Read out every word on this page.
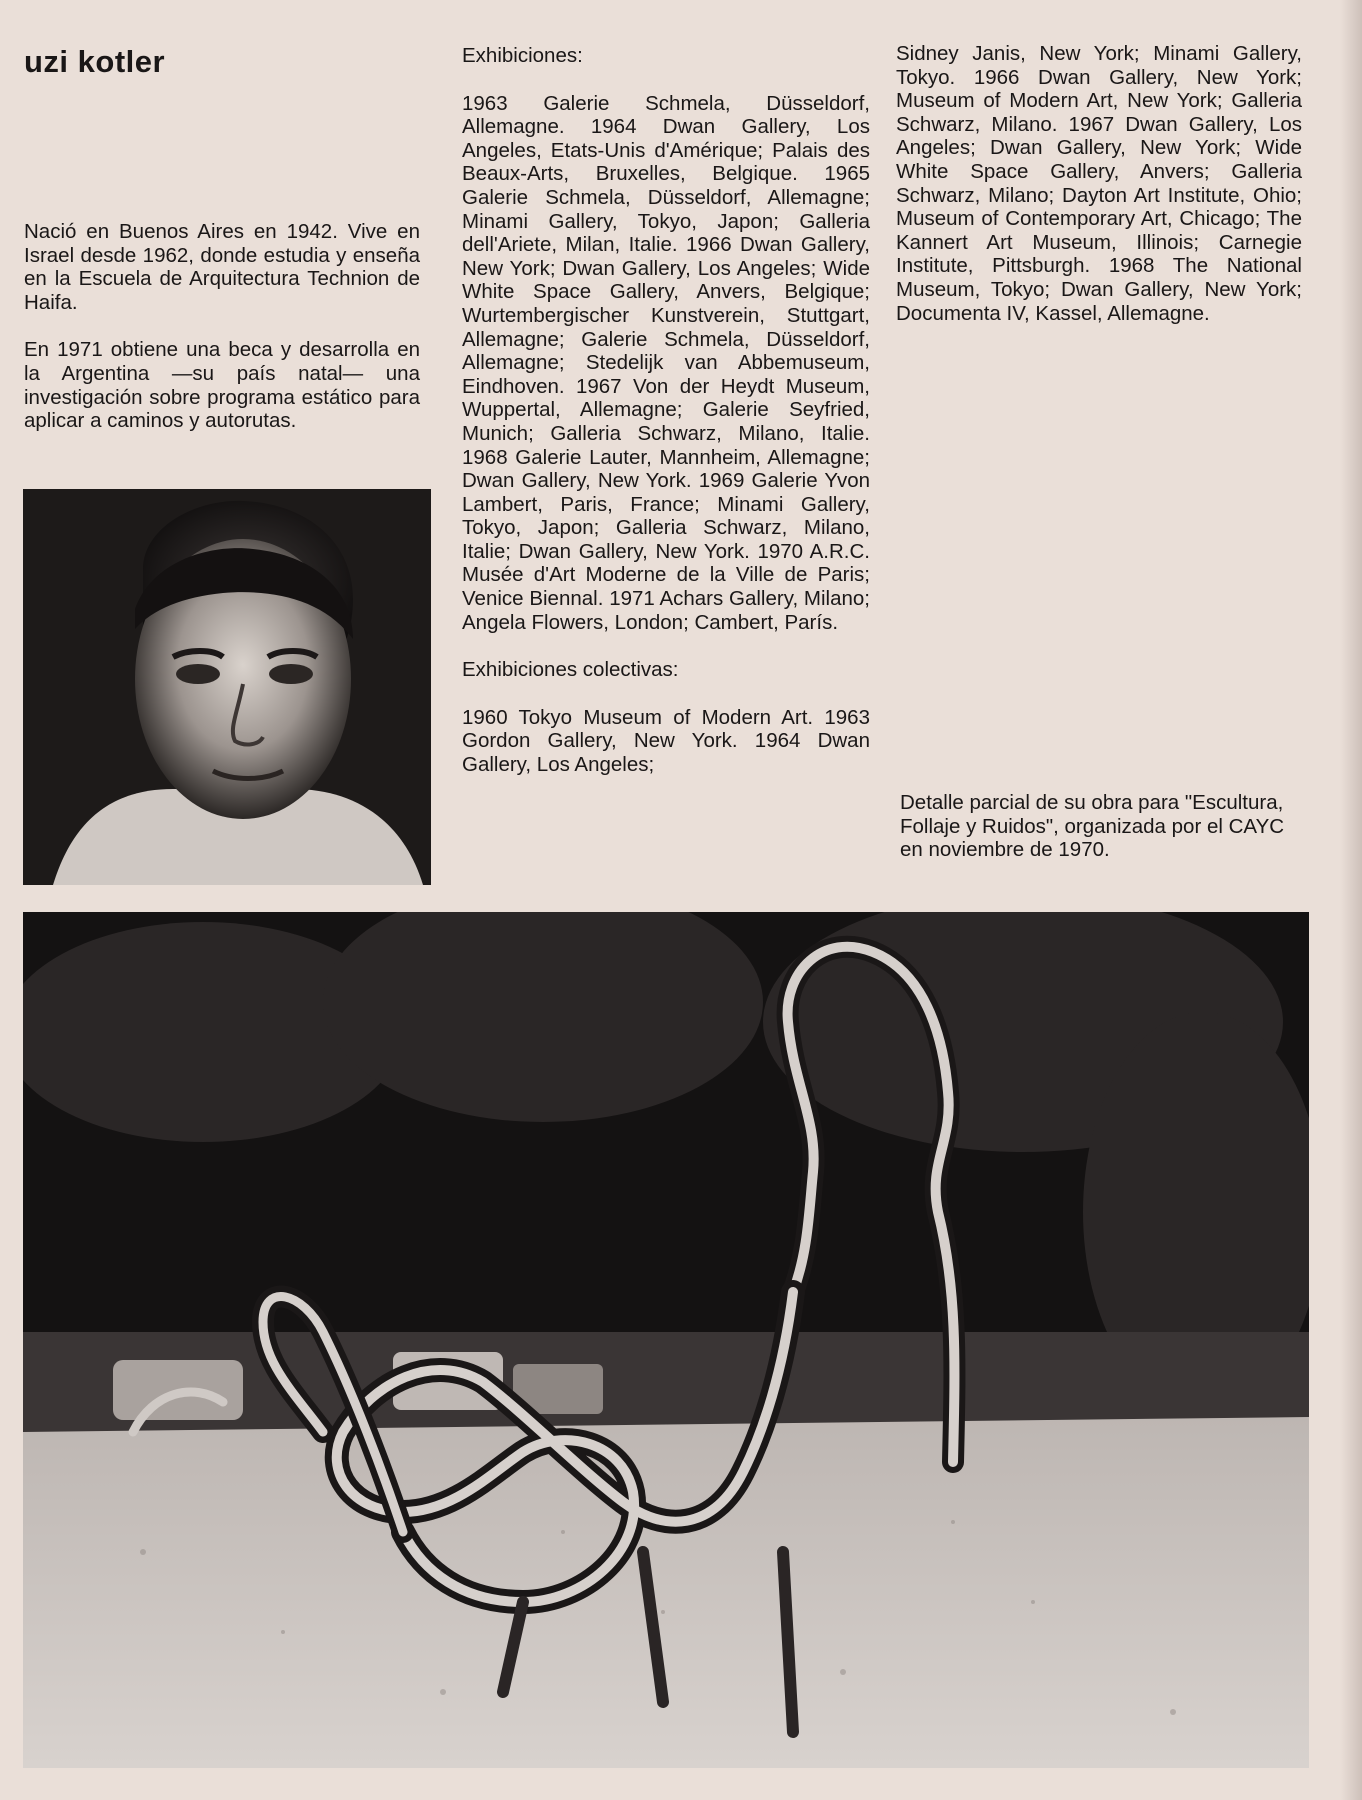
uzi kotler

Nació en Buenos Aires en 1942. Vive en Israel desde 1962, donde estudia y enseña en la Escuela de Arquitectura Technion de Haifa.

En 1971 obtiene una beca y desarrolla en la Argentina —su país natal— una investigación sobre programa estático para aplicar a caminos y autorutas.

Exhibiciones:

1963 Galerie Schmela, Düsseldorf, Allemagne. 1964 Dwan Gallery, Los Angeles, Etats-Unis d'Amérique; Palais des Beaux-Arts, Bruxelles, Belgique. 1965 Galerie Schmela, Düsseldorf, Allemagne; Minami Gallery, Tokyo, Japon; Galleria dell'Ariete, Milan, Italie. 1966 Dwan Gallery, New York; Dwan Gallery, Los Angeles; Wide White Space Gallery, Anvers, Belgique; Wurtembergischer Kunstverein, Stuttgart, Allemagne; Galerie Schmela, Düsseldorf, Allemagne; Stedelijk van Abbemuseum, Eindhoven. 1967 Von der Heydt Museum, Wuppertal, Allemagne; Galerie Seyfried, Munich; Galleria Schwarz, Milano, Italie. 1968 Galerie Lauter, Mannheim, Allemagne; Dwan Gallery, New York. 1969 Galerie Yvon Lambert, Paris, France; Minami Gallery, Tokyo, Japon; Galleria Schwarz, Milano, Italie; Dwan Gallery, New York. 1970 A.R.C. Musée d'Art Moderne de la Ville de Paris; Venice Biennal. 1971 Achars Gallery, Milano; Angela Flowers, London; Cambert, París.

Exhibiciones colectivas:

1960 Tokyo Museum of Modern Art. 1963 Gordon Gallery, New York. 1964 Dwan Gallery, Los Angeles;

Sidney Janis, New York; Minami Gallery, Tokyo. 1966 Dwan Gallery, New York; Museum of Modern Art, New York; Galleria Schwarz, Milano. 1967 Dwan Gallery, Los Angeles; Dwan Gallery, New York; Wide White Space Gallery, Anvers; Galleria Schwarz, Milano; Dayton Art Institute, Ohio; Museum of Contemporary Art, Chicago; The Kannert Art Museum, Illinois; Carnegie Institute, Pittsburgh. 1968 The National Museum, Tokyo; Dwan Gallery, New York; Documenta IV, Kassel, Allemagne.

Detalle parcial de su obra para "Escultura, Follaje y Ruidos", organizada por el CAYC en noviembre de 1970.
